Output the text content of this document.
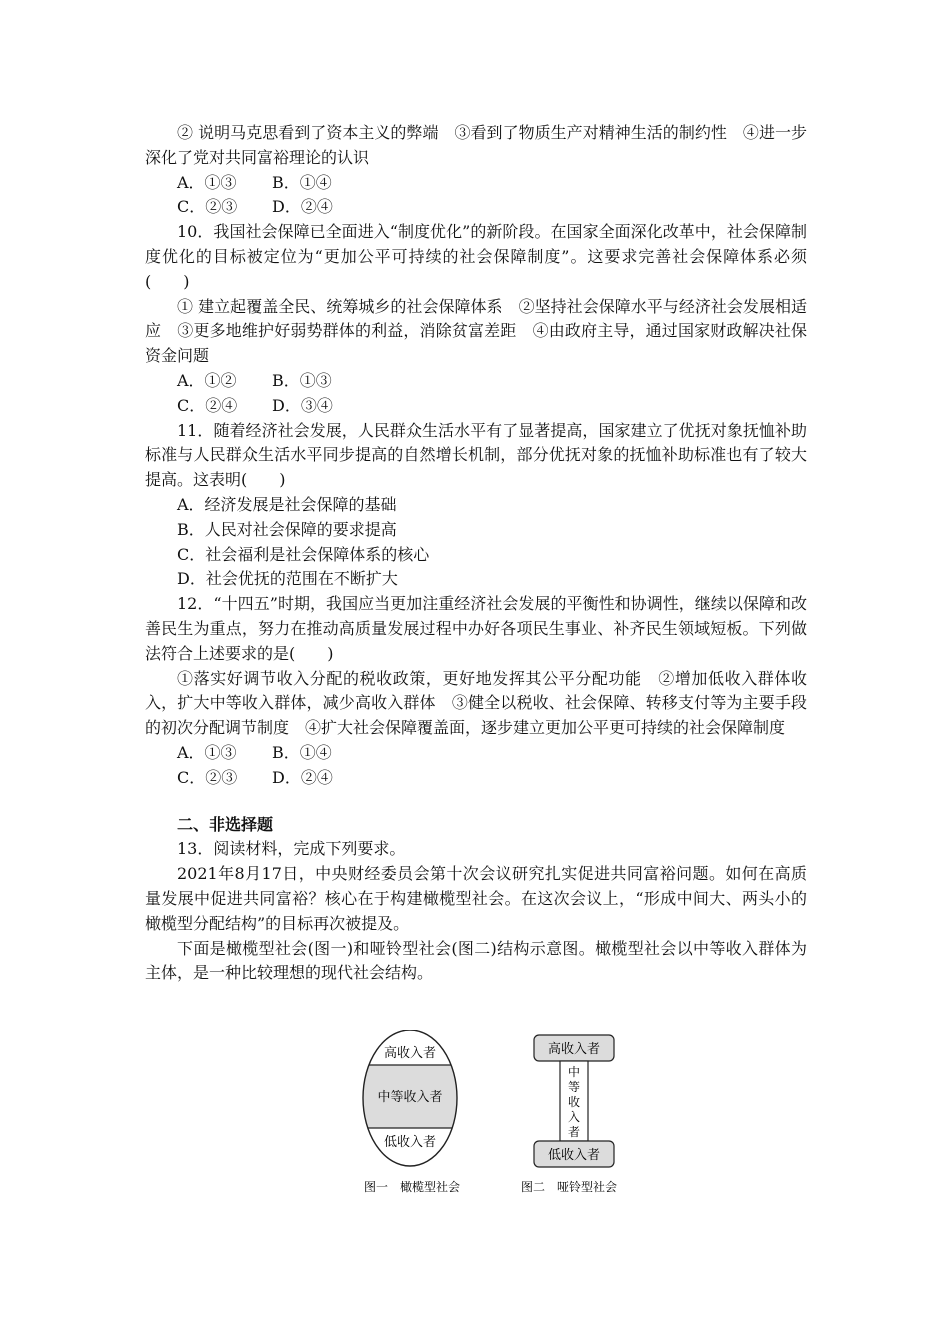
② 说明马克思看到了资本主义的弊端　③看到了物质生产对精神生活的制约性　④进一步深化了党对共同富裕理论的认识

A．①③	B．①④
C．②③	D．②④

10．我国社会保障已全面进入“制度优化”的新阶段。在国家全面深化改革中，社会保障制度优化的目标被定位为“更加公平可持续的社会保障制度”。这要求完善社会保障体系必须(　　)

① 建立起覆盖全民、统筹城乡的社会保障体系　②坚持社会保障水平与经济社会发展相适应　③更多地维护好弱势群体的利益，消除贫富差距　④由政府主导，通过国家财政解决社保资金问题

A．①②	B．①③
C．②④	D．③④

11．随着经济社会发展，人民群众生活水平有了显著提高，国家建立了优抚对象抚恤补助标准与人民群众生活水平同步提高的自然增长机制，部分优抚对象的抚恤补助标准也有了较大提高。这表明(　　)

A．经济发展是社会保障的基础

B．人民对社会保障的要求提高

C．社会福利是社会保障体系的核心

D．社会优抚的范围在不断扩大

12．“十四五”时期，我国应当更加注重经济社会发展的平衡性和协调性，继续以保障和改善民生为重点，努力在推动高质量发展过程中办好各项民生事业、补齐民生领域短板。下列做法符合上述要求的是(　　)

①落实好调节收入分配的税收政策，更好地发挥其公平分配功能　②增加低收入群体收入，扩大中等收入群体，减少高收入群体　③健全以税收、社会保障、转移支付等为主要手段的初次分配调节制度　④扩大社会保障覆盖面，逐步建立更加公平更可持续的社会保障制度

A．①③	B．①④
C．②③	D．②④

二、非选择题

13．阅读材料，完成下列要求。

2021年8月17日，中央财经委员会第十次会议研究扎实促进共同富裕问题。如何在高质量发展中促进共同富裕？核心在于构建橄榄型社会。在这次会议上，“形成中间大、两头小的橄榄型分配结构”的目标再次被提及。

下面是橄榄型社会(图一)和哑铃型社会(图二)结构示意图。橄榄型社会以中等收入群体为主体，是一种比较理想的现代社会结构。

高收入者
中等收入者
低收入者
高收入者
中
等
收
入
者
低收入者
图一　橄榄型社会	图二　哑铃型社会
